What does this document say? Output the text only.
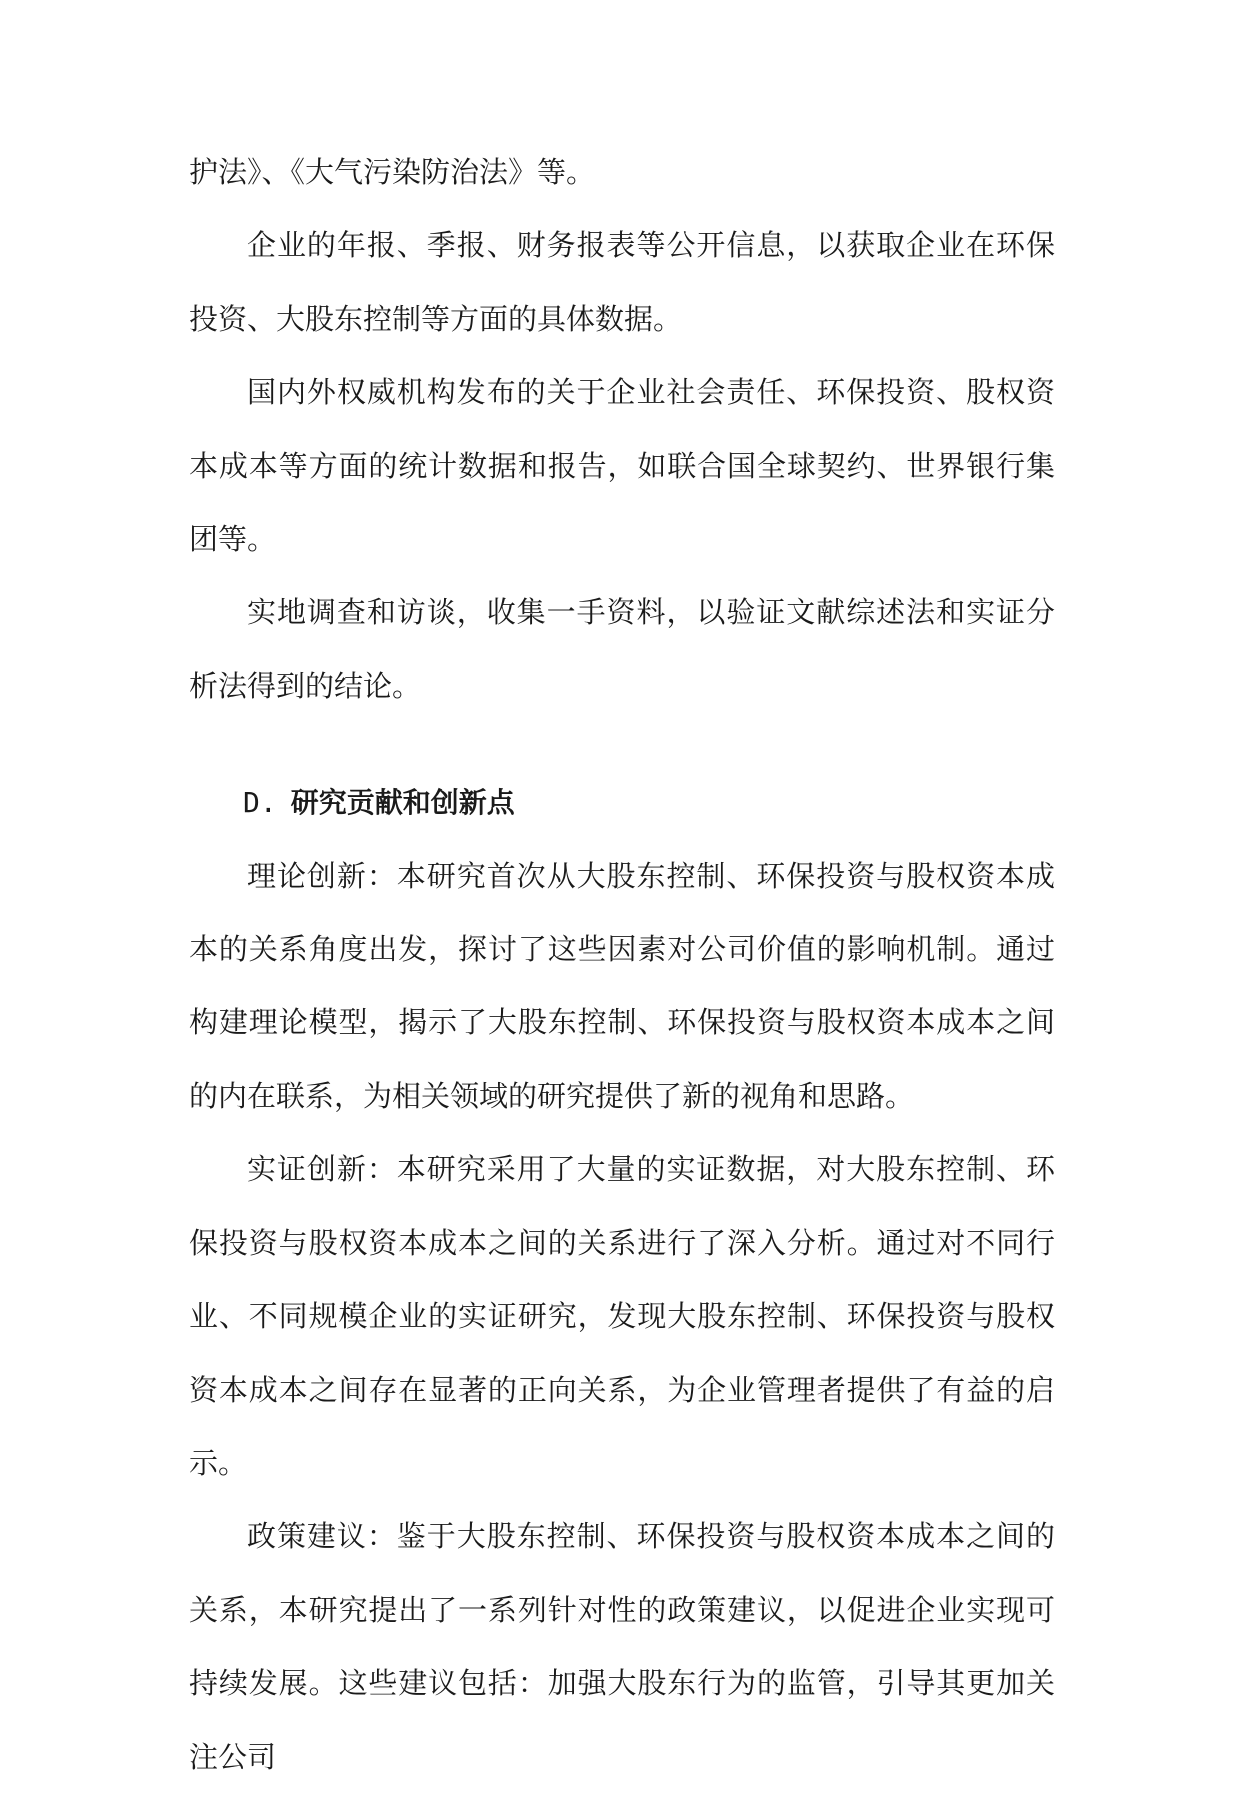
护法》、《大气污染防治法》等。

企业的年报、季报、财务报表等公开信息，以获取企业在环保投资、大股东控制等方面的具体数据。

国内外权威机构发布的关于企业社会责任、环保投资、股权资本成本等方面的统计数据和报告，如联合国全球契约、世界银行集团等。

实地调查和访谈，收集一手资料，以验证文献综述法和实证分析法得到的结论。

D. 研究贡献和创新点

理论创新：本研究首次从大股东控制、环保投资与股权资本成本的关系角度出发，探讨了这些因素对公司价值的影响机制。通过构建理论模型，揭示了大股东控制、环保投资与股权资本成本之间的内在联系，为相关领域的研究提供了新的视角和思路。

实证创新：本研究采用了大量的实证数据，对大股东控制、环保投资与股权资本成本之间的关系进行了深入分析。通过对不同行业、不同规模企业的实证研究，发现大股东控制、环保投资与股权资本成本之间存在显著的正向关系，为企业管理者提供了有益的启示。

政策建议：鉴于大股东控制、环保投资与股权资本成本之间的关系，本研究提出了一系列针对性的政策建议，以促进企业实现可持续发展。这些建议包括：加强大股东行为的监管，引导其更加关注公司
